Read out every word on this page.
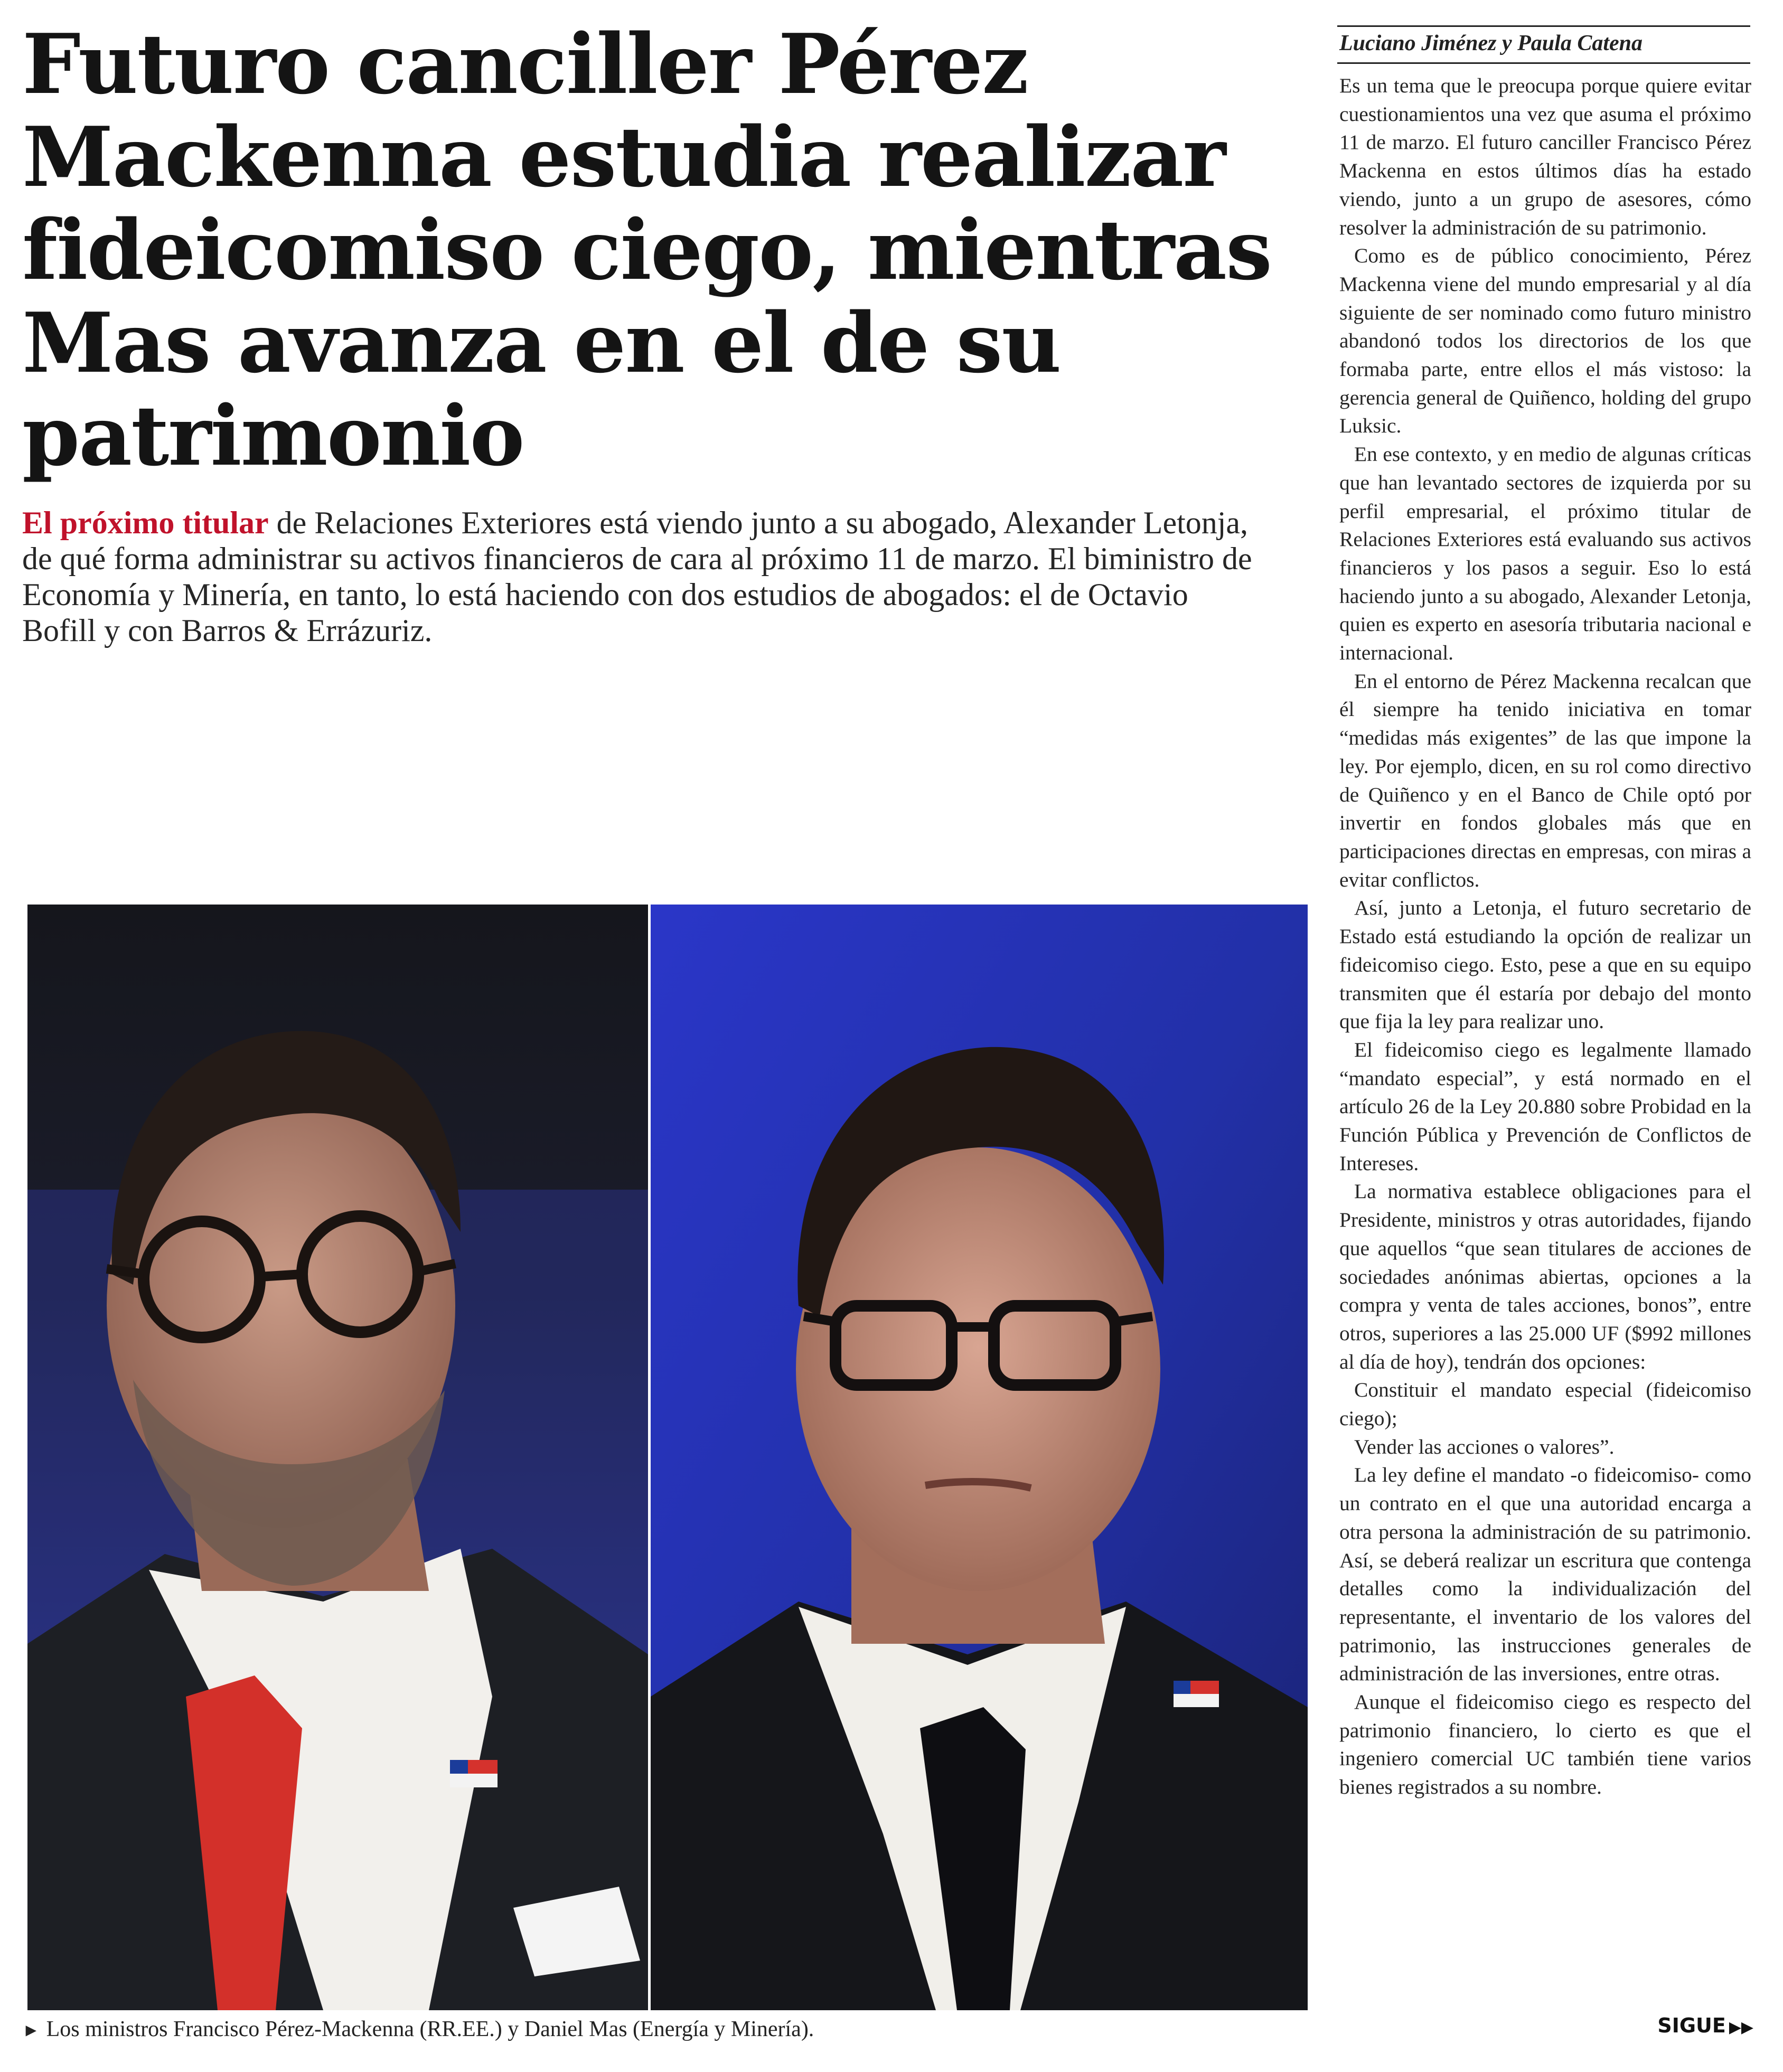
Futuro canciller Pérez Mackenna estudia realizar fideicomiso ciego, mientras Mas avanza en el de su patrimonio

El próximo titular de Relaciones Exteriores está viendo junto a su abogado, Alexander Letonja, de qué forma administrar su activos financieros de cara al próximo 11 de marzo. El biministro de Economía y Minería, en tanto, lo está haciendo con dos estudios de abogados: el de Octavio Bofill y con Barros & Errázuriz.

► Los ministros Francisco Pérez-Mackenna (RR.EE.) y Daniel Mas (Energía y Minería).

Luciano Jiménez y Paula Catena

Es un tema que le preocupa porque quiere evitar cuestionamientos una vez que asuma el próximo 11 de marzo. El futuro canciller Francisco Pérez Mackenna en estos últimos días ha estado viendo, junto a un grupo de asesores, cómo resolver la administración de su patrimonio.

Como es de público conocimiento, Pérez Mackenna viene del mundo empresarial y al día siguiente de ser nominado como futuro ministro abandonó todos los directorios de los que formaba parte, entre ellos el más vistoso: la gerencia general de Quiñenco, holding del grupo Luksic.

En ese contexto, y en medio de algunas críticas que han levantado sectores de izquierda por su perfil empresarial, el próximo titular de Relaciones Exteriores está evaluando sus activos financieros y los pasos a seguir. Eso lo está haciendo junto a su abogado, Alexander Letonja, quien es experto en asesoría tributaria nacional e internacional.

En el entorno de Pérez Mackenna recalcan que él siempre ha tenido iniciativa en tomar “medidas más exigentes” de las que impone la ley. Por ejemplo, dicen, en su rol como directivo de Quiñenco y en el Banco de Chile optó por invertir en fondos globales más que en participaciones directas en empresas, con miras a evitar conflictos.

Así, junto a Letonja, el futuro secretario de Estado está estudiando la opción de realizar un fideicomiso ciego. Esto, pese a que en su equipo transmiten que él estaría por debajo del monto que fija la ley para realizar uno.

El fideicomiso ciego es legalmente llamado “mandato especial”, y está normado en el artículo 26 de la Ley 20.880 sobre Probidad en la Función Pública y Prevención de Conflictos de Intereses.

La normativa establece obligaciones para el Presidente, ministros y otras autoridades, fijando que aquellos “que sean titulares de acciones de sociedades anónimas abiertas, opciones a la compra y venta de tales acciones, bonos”, entre otros, superiores a las 25.000 UF ($992 millones al día de hoy), tendrán dos opciones:

Constituir el mandato especial (fideicomiso ciego);

Vender las acciones o valores”.

La ley define el mandato -o fideicomiso- como un contrato en el que una autoridad encarga a otra persona la administración de su patrimonio. Así, se deberá realizar un escritura que contenga detalles como la individualización del representante, el inventario de los valores del patrimonio, las instrucciones generales de administración de las inversiones, entre otras.

Aunque el fideicomiso ciego es respecto del patrimonio financiero, lo cierto es que el ingeniero comercial UC también tiene varios bienes registrados a su nombre.

SIGUE ▶▶
